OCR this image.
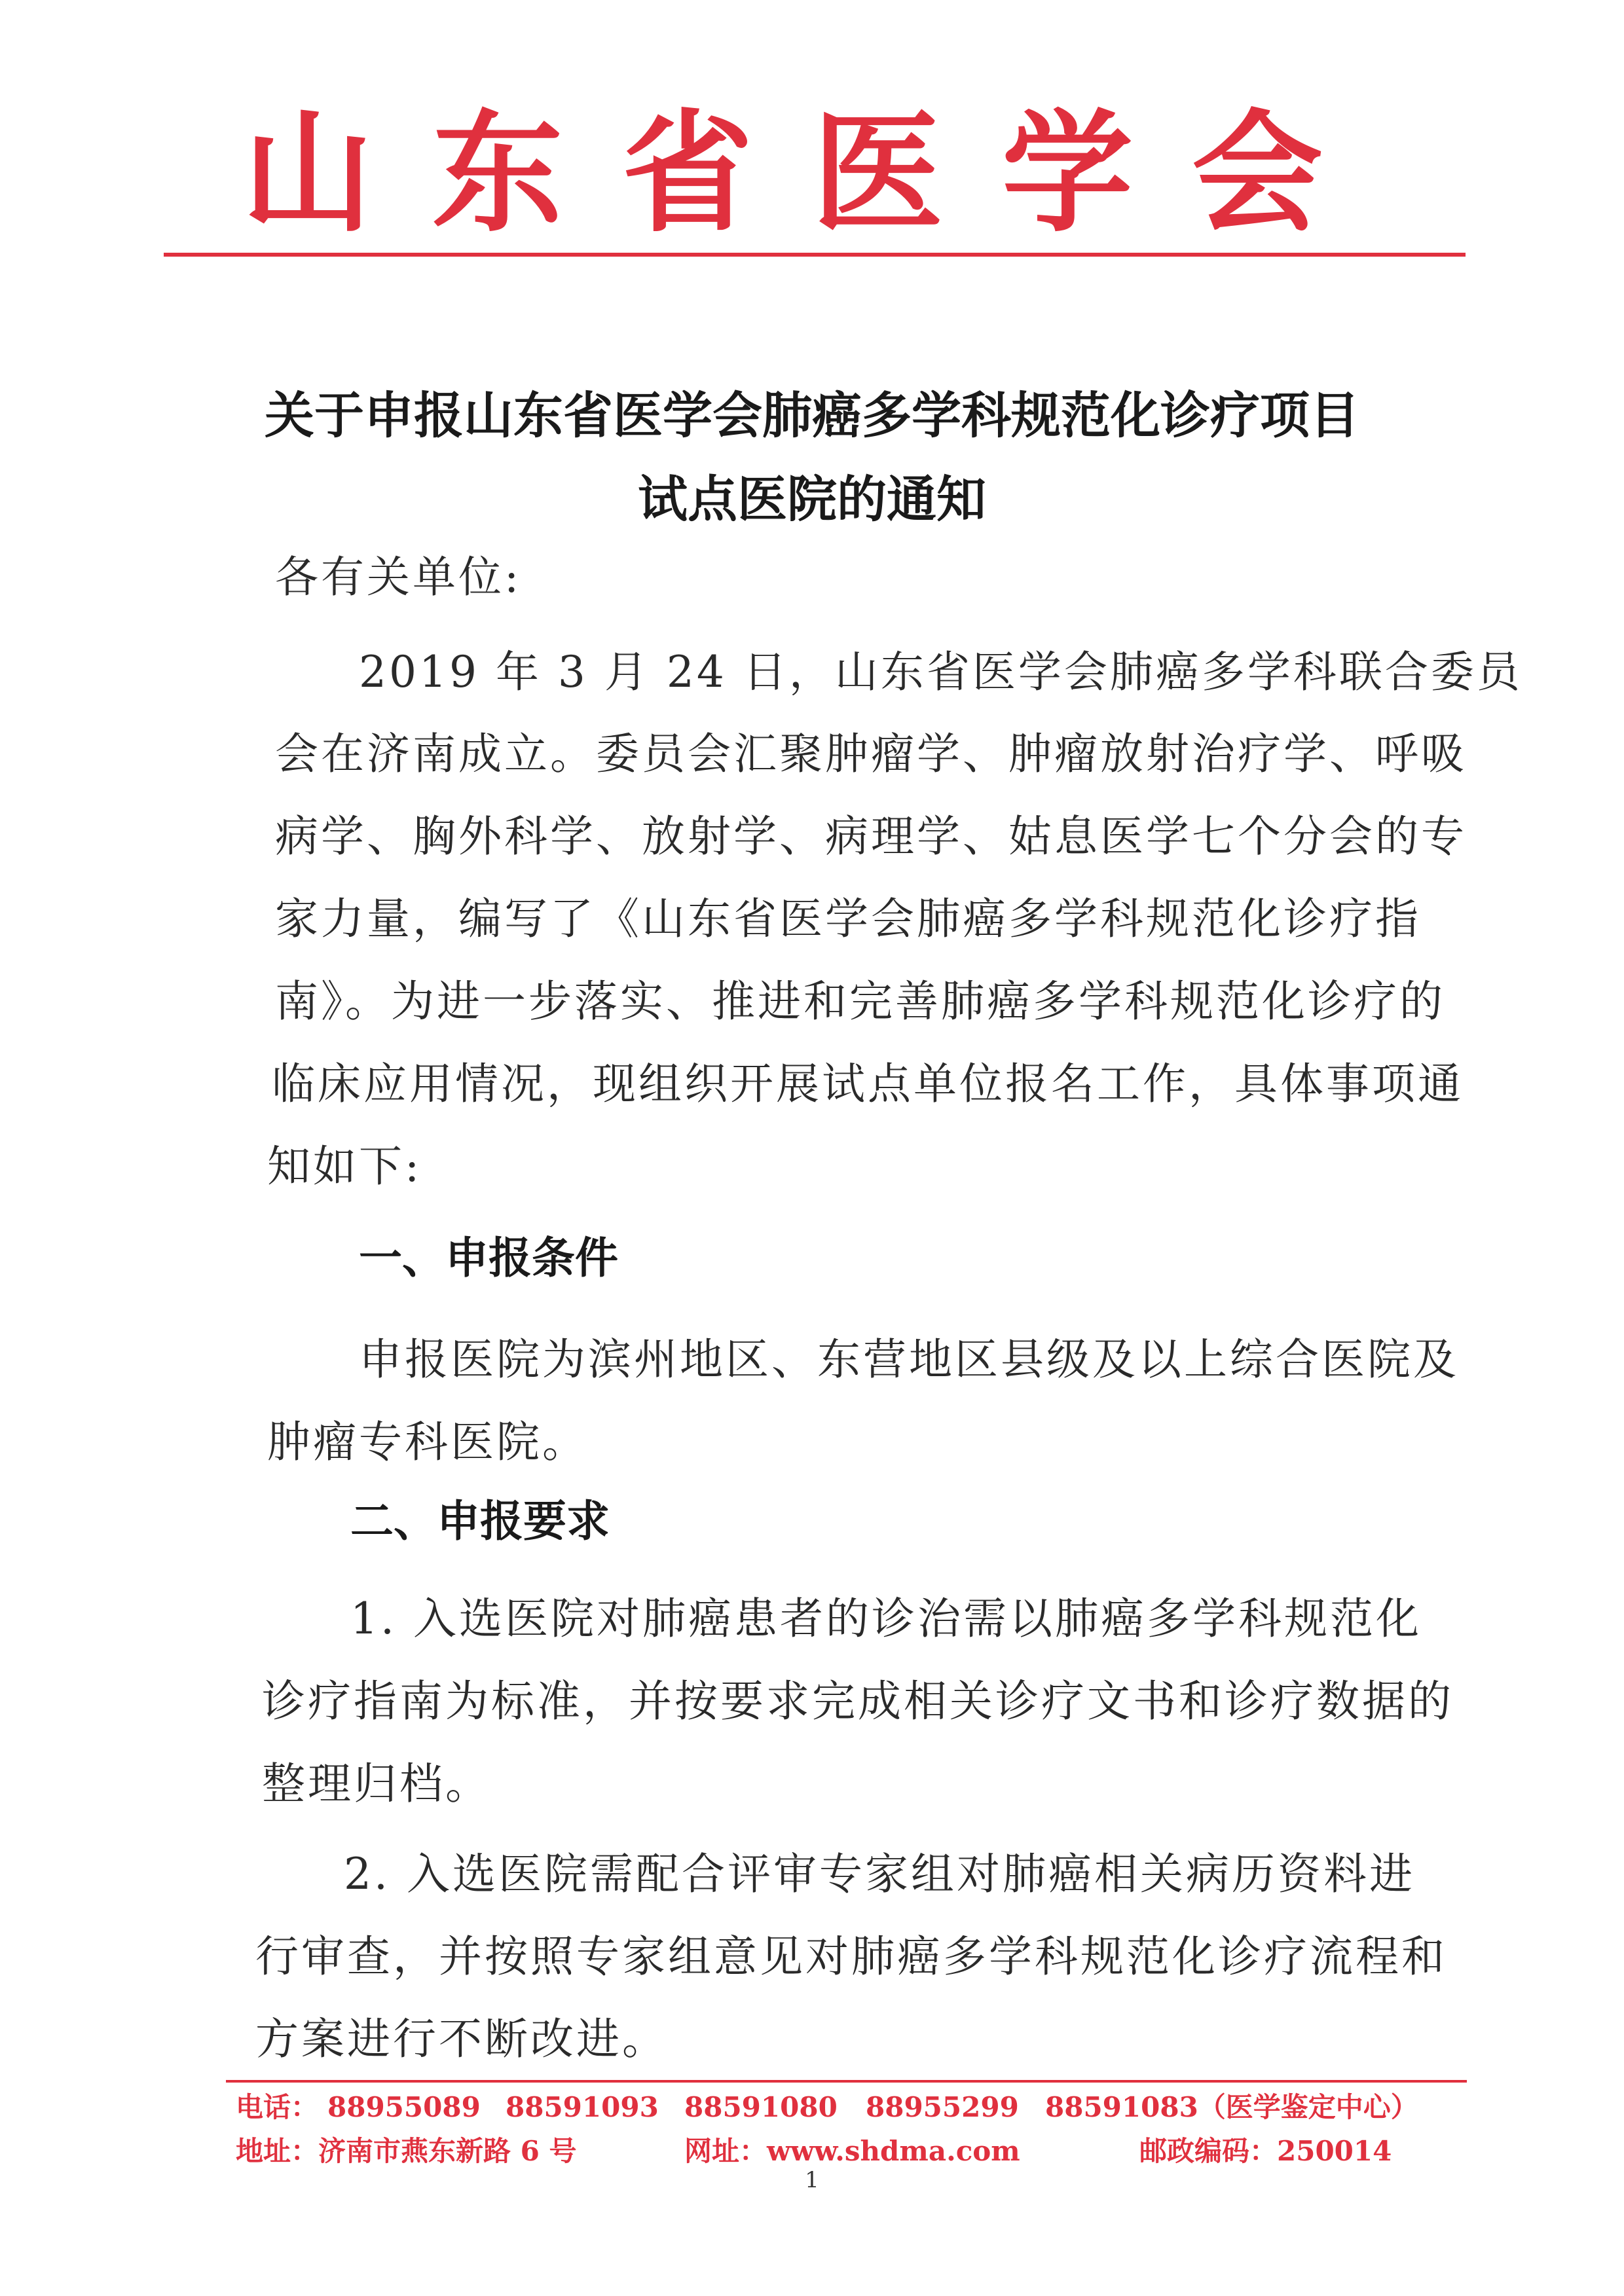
山东省医学会
关于申报山东省医学会肺癌多学科规范化诊疗项目
试点医院的通知
各有关单位:
2019 年 3 月 24 日，山东省医学会肺癌多学科联合委员
会在济南成立。委员会汇聚肿瘤学、肿瘤放射治疗学、呼吸
病学、胸外科学、放射学、病理学、姑息医学七个分会的专
家力量，编写了《山东省医学会肺癌多学科规范化诊疗指
南》。为进一步落实、推进和完善肺癌多学科规范化诊疗的
临床应用情况，现组织开展试点单位报名工作，具体事项通
知如下:
一、申报条件
申报医院为滨州地区、东营地区县级及以上综合医院及
肿瘤专科医院。
二、申报要求
1. 入选医院对肺癌患者的诊治需以肺癌多学科规范化
诊疗指南为标准，并按要求完成相关诊疗文书和诊疗数据的
整理归档。
2. 入选医院需配合评审专家组对肺癌相关病历资料进
行审查，并按照专家组意见对肺癌多学科规范化诊疗流程和
方案进行不断改进。
电话： 88955089 88591093 88591080 88955299 88591083（医学鉴定中心）
地址：济南市燕东新路 6 号	网址：www.shdma.com	邮政编码：250014
1
